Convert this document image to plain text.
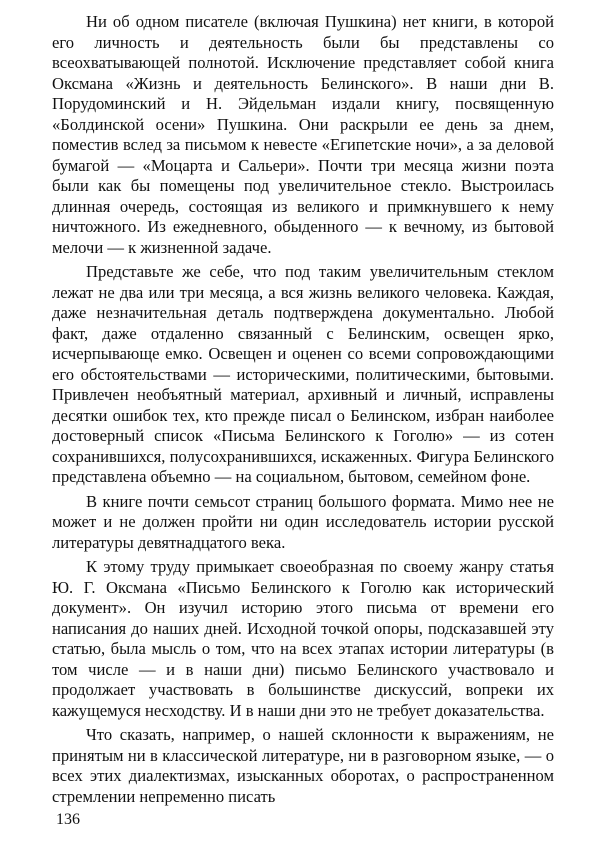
Ни об одном писателе (включая Пушкина) нет книги, в которой его личность и деятельность были бы представлены со всеохватывающей полнотой. Исключение представляет собой книга Оксмана «Жизнь и деятельность Белинского». В наши дни В. Порудоминский и Н. Эйдельман издали книгу, посвященную «Болдинской осени» Пушкина. Они раскрыли ее день за днем, поместив вслед за письмом к невесте «Египетские ночи», а за деловой бумагой — «Моцарта и Сальери». Почти три месяца жизни поэта были как бы помещены под увеличительное стекло. Выстроилась длинная очередь, состоящая из великого и примкнувшего к нему ничтожного. Из ежедневного, обыденного — к вечному, из бытовой мелочи — к жизненной задаче.

Представьте же себе, что под таким увеличительным стеклом лежат не два или три месяца, а вся жизнь великого человека. Каждая, даже незначительная деталь подтверждена документально. Любой факт, даже отдаленно связанный с Белинским, освещен ярко, исчерпывающе емко. Освещен и оценен со всеми сопровождающими его обстоятельствами — историческими, политическими, бытовыми. Привлечен необъятный материал, архивный и личный, исправлены десятки ошибок тех, кто прежде писал о Белинском, избран наиболее достоверный список «Письма Белинского к Гоголю» — из сотен сохранившихся, полусохранившихся, искаженных. Фигура Белинского представлена объемно — на социальном, бытовом, семейном фоне.

В книге почти семьсот страниц большого формата. Мимо нее не может и не должен пройти ни один исследователь истории русской литературы девятнадцатого века.

К этому труду примыкает своеобразная по своему жанру статья Ю. Г. Оксмана «Письмо Белинского к Гоголю как исторический документ». Он изучил историю этого письма от времени его написания до наших дней. Исходной точкой опоры, подсказавшей эту статью, была мысль о том, что на всех этапах истории литературы (в том числе — и в наши дни) письмо Белинского участвовало и продолжает участвовать в большинстве дискуссий, вопреки их кажущемуся несходству. И в наши дни это не требует доказательства.

Что сказать, например, о нашей склонности к выражениям, не принятым ни в классической литературе, ни в разговорном языке, — о всех этих диалектизмах, изысканных оборотах, о распространенном стремлении непременно писать

136
